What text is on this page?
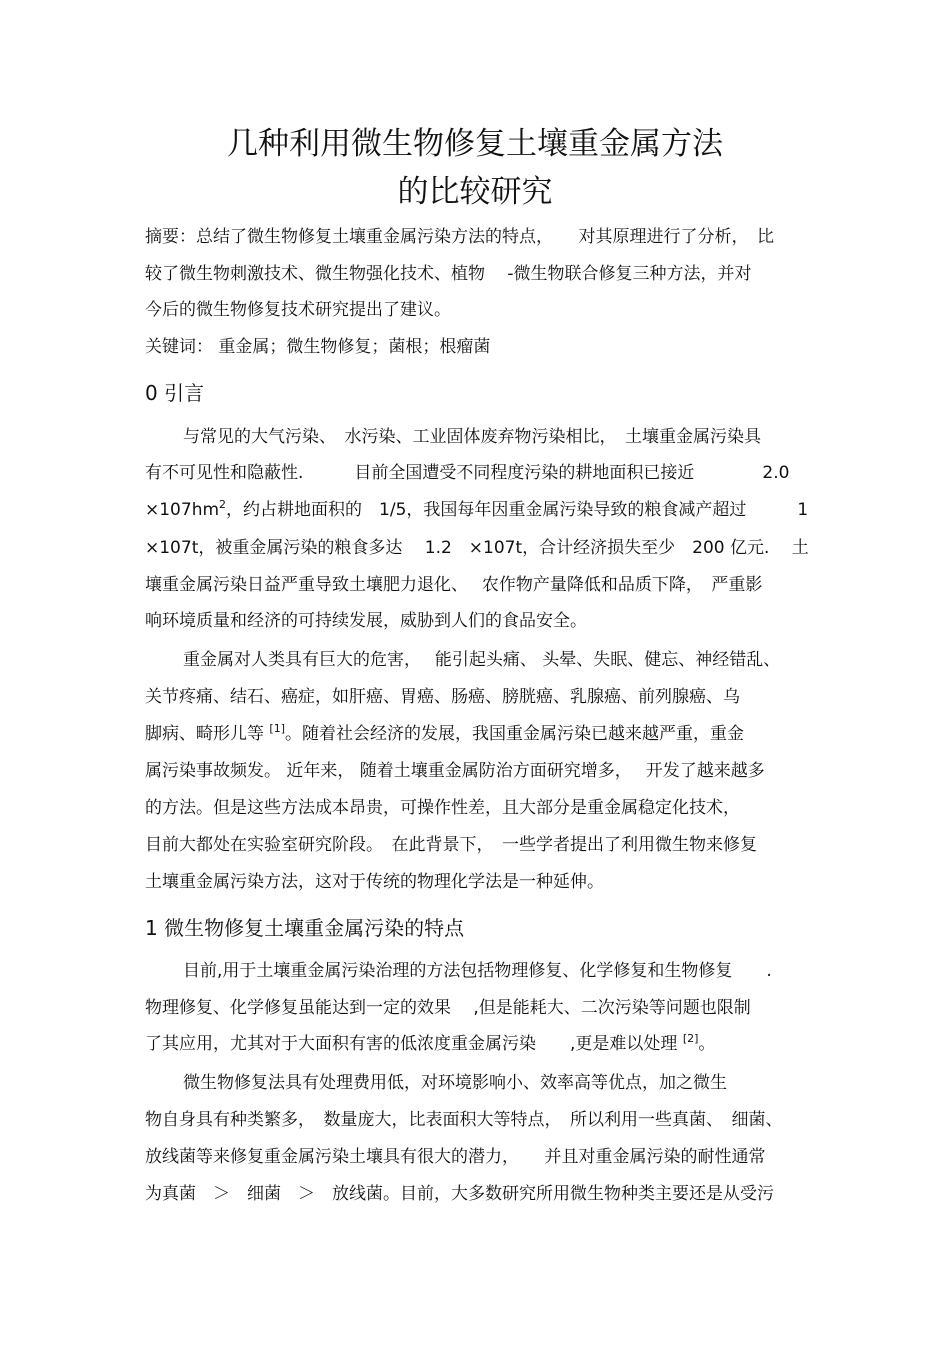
几种利用微生物修复土壤重金属方法
的比较研究
摘要：总结了微生物修复土壤重金属污染方法的特点，　　对其原理进行了分析，　比
较了微生物刺激技术、微生物强化技术、植物　 -微生物联合修复三种方法，并对
今后的微生物修复技术研究提出了建议。
关键词： 重金属；微生物修复；菌根；根瘤菌
0 引言
与常见的大气污染、　水污染、工业固体废弃物污染相比，　土壤重金属污染具
有不可见性和隐蔽性.　　　目前全国遭受不同程度污染的耕地面积已接近　　　　2.0
$\times 107hm^2$，约占耕地面积的　1/5，我国每年因重金属污染导致的粮食减产超过　　　1
×107t，被重金属污染的粮食多达　 1.2　×107t，合计经济损失至少　200 亿元.　 土
壤重金属污染日益严重导致土壤肥力退化、　 农作物产量降低和品质下降，　严重影
响环境质量和经济的可持续发展，威胁到人们的食品安全。
重金属对人类具有巨大的危害，　 能引起头痛、 头晕、失眠、健忘、神经错乱、
关节疼痛、结石、癌症，如肝癌、胃癌、肠癌、膀胱癌、乳腺癌、前列腺癌、乌
脚病、畸形儿等 [1]。随着社会经济的发展，我国重金属污染已越来越严重，重金
属污染事故频发。 近年来， 随着土壤重金属防治方面研究增多，　 开发了越来越多
的方法。但是这些方法成本昂贵，可操作性差，且大部分是重金属稳定化技术，
目前大都处在实验室研究阶段。　在此背景下，　一些学者提出了利用微生物来修复
土壤重金属污染方法，这对于传统的物理化学法是一种延伸。
1 微生物修复土壤重金属污染的特点
目前,用于土壤重金属污染治理的方法包括物理修复、化学修复和生物修复　　.
物理修复、化学修复虽能达到一定的效果　 ,但是能耗大、二次污染等问题也限制
了其应用，尤其对于大面积有害的低浓度重金属污染　　,更是难以处理 [2]。
微生物修复法具有处理费用低，对环境影响小、效率高等优点，加之微生
物自身具有种类繁多，　数量庞大，比表面积大等特点，　所以利用一些真菌、　细菌、
放线菌等来修复重金属污染土壤具有很大的潜力，　　并且对重金属污染的耐性通常
为真菌　＞　细菌　＞　放线菌。目前，大多数研究所用微生物种类主要还是从受污
